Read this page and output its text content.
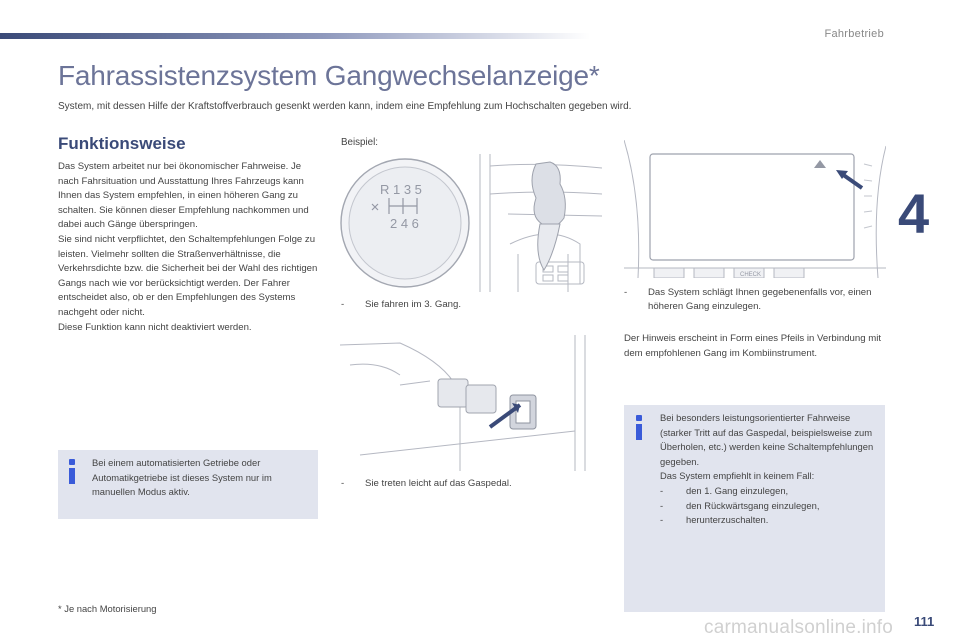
Fahrbetrieb
4
Fahrassistenzsystem Gangwechselanzeige*
System, mit dessen Hilfe der Kraftstoffverbrauch gesenkt werden kann, indem eine Empfehlung zum Hochschalten gegeben wird.
Funktionsweise

Das System arbeitet nur bei ökonomischer Fahrweise. Je nach Fahrsituation und Ausstattung Ihres Fahrzeugs kann Ihnen das System empfehlen, in einen höheren Gang zu schalten. Sie können dieser Empfehlung nachkommen und dabei auch Gänge überspringen.

Sie sind nicht verpflichtet, den Schaltempfehlungen Folge zu leisten. Vielmehr sollten die Straßenverhältnisse, die Verkehrsdichte bzw. die Sicherheit bei der Wahl des richtigen Gangs nach wie vor berücksichtigt werden. Der Fahrer entscheidet also, ob er den Empfehlungen des Systems nachgeht oder nicht.

Diese Funktion kann nicht deaktiviert werden.

Bei einem automatisierten Getriebe oder Automatikgetriebe ist dieses System nur im manuellen Modus aktiv.
Beispiel:
R 1 3 5
2 4 6
-	Sie fahren im 3. Gang.
-	Sie treten leicht auf das Gaspedal.
CHECK
-	Das System schlägt Ihnen gegebenenfalls vor, einen höheren Gang einzulegen.
Der Hinweis erscheint in Form eines Pfeils in Verbindung mit dem empfohlenen Gang im Kombiinstrument.

Bei besonders leistungsorientierter Fahrweise (starker Tritt auf das Gaspedal, beispielsweise zum Überholen, etc.) werden keine Schaltempfehlungen gegeben.

Das System empfiehlt in keinem Fall:

- den 1. Gang einzulegen,
- den Rückwärtsgang einzulegen,
- herunterzuschalten.
* Je nach Motorisierung
carmanualsonline.info 111
